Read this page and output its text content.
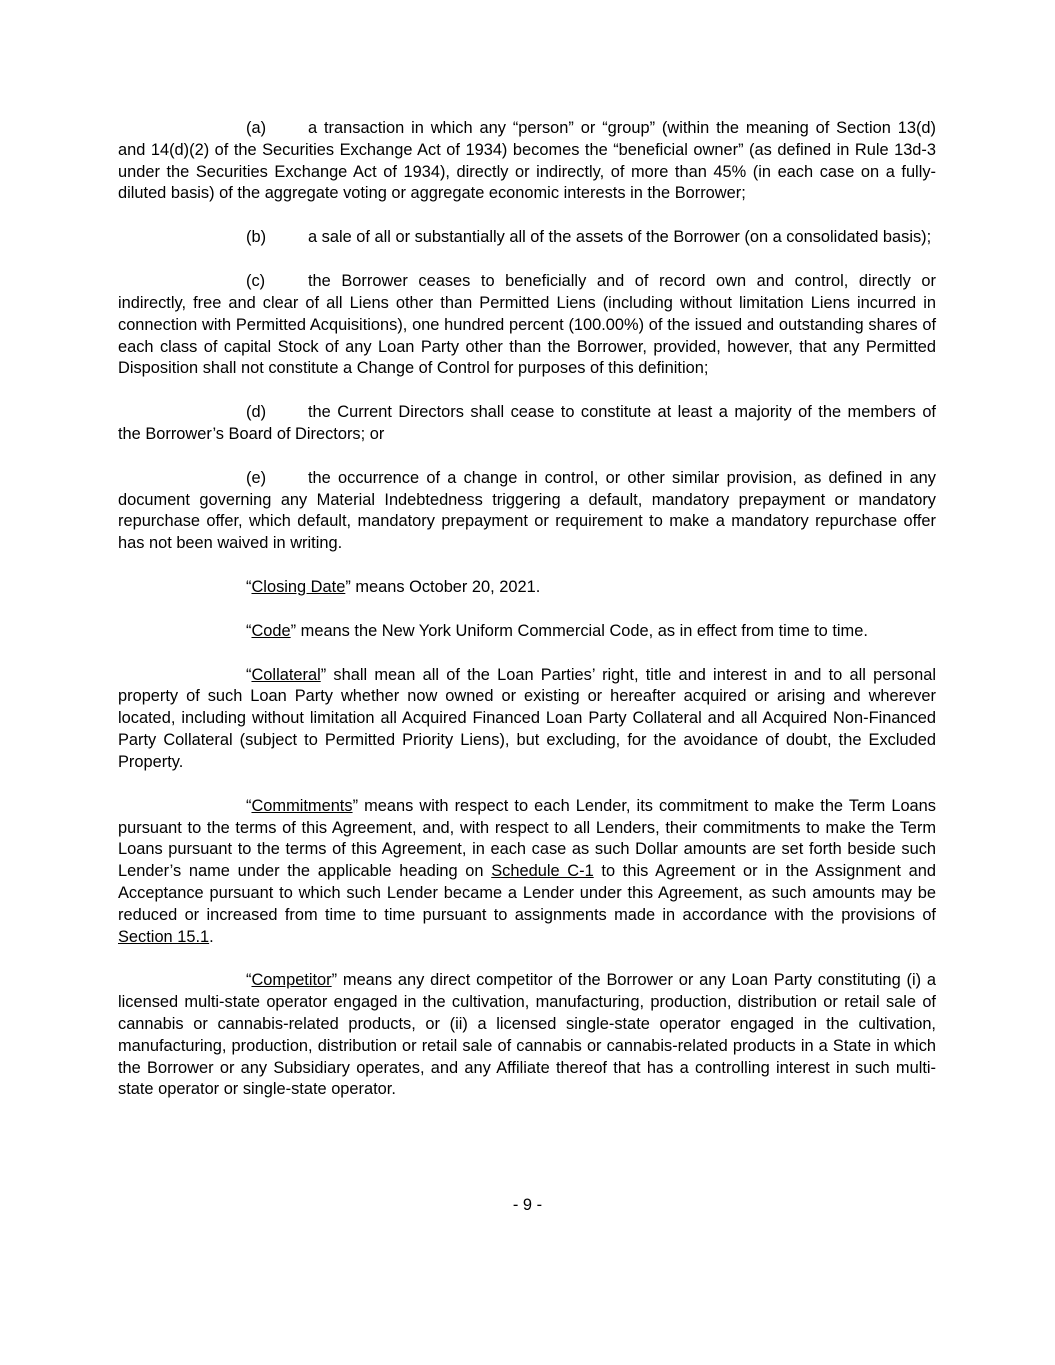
(a)	a transaction in which any “person” or “group” (within the meaning of Section 13(d) and 14(d)(2) of the Securities Exchange Act of 1934) becomes the “beneficial owner” (as defined in Rule 13d-3 under the Securities Exchange Act of 1934), directly or indirectly, of more than 45% (in each case on a fully-diluted basis) of the aggregate voting or aggregate economic interests in the Borrower;

(b)	a sale of all or substantially all of the assets of the Borrower (on a consolidated basis);

(c)	the Borrower ceases to beneficially and of record own and control, directly or indirectly, free and clear of all Liens other than Permitted Liens (including without limitation Liens incurred in connection with Permitted Acquisitions), one hundred percent (100.00%) of the issued and outstanding shares of each class of capital Stock of any Loan Party other than the Borrower, provided, however, that any Permitted Disposition shall not constitute a Change of Control for purposes of this definition;

(d)	the Current Directors shall cease to constitute at least a majority of the members of the Borrower’s Board of Directors; or

(e)	the occurrence of a change in control, or other similar provision, as defined in any document governing any Material Indebtedness triggering a default, mandatory prepayment or mandatory repurchase offer, which default, mandatory prepayment or requirement to make a mandatory repurchase offer has not been waived in writing.

“Closing Date” means October 20, 2021.

“Code” means the New York Uniform Commercial Code, as in effect from time to time.

“Collateral” shall mean all of the Loan Parties’ right, title and interest in and to all personal property of such Loan Party whether now owned or existing or hereafter acquired or arising and wherever located, including without limitation all Acquired Financed Loan Party Collateral and all Acquired Non-Financed Party Collateral (subject to Permitted Priority Liens), but excluding, for the avoidance of doubt, the Excluded Property.

“Commitments” means with respect to each Lender, its commitment to make the Term Loans pursuant to the terms of this Agreement, and, with respect to all Lenders, their commitments to make the Term Loans pursuant to the terms of this Agreement, in each case as such Dollar amounts are set forth beside such Lender’s name under the applicable heading on Schedule C-1 to this Agreement or in the Assignment and Acceptance pursuant to which such Lender became a Lender under this Agreement, as such amounts may be reduced or increased from time to time pursuant to assignments made in accordance with the provisions of Section 15.1.

“Competitor” means any direct competitor of the Borrower or any Loan Party constituting (i) a licensed multi-state operator engaged in the cultivation, manufacturing, production, distribution or retail sale of cannabis or cannabis-related products, or (ii) a licensed single-state operator engaged in the cultivation, manufacturing, production, distribution or retail sale of cannabis or cannabis-related products in a State in which the Borrower or any Subsidiary operates, and any Affiliate thereof that has a controlling interest in such multi-state operator or single-state operator.

- 9 -
